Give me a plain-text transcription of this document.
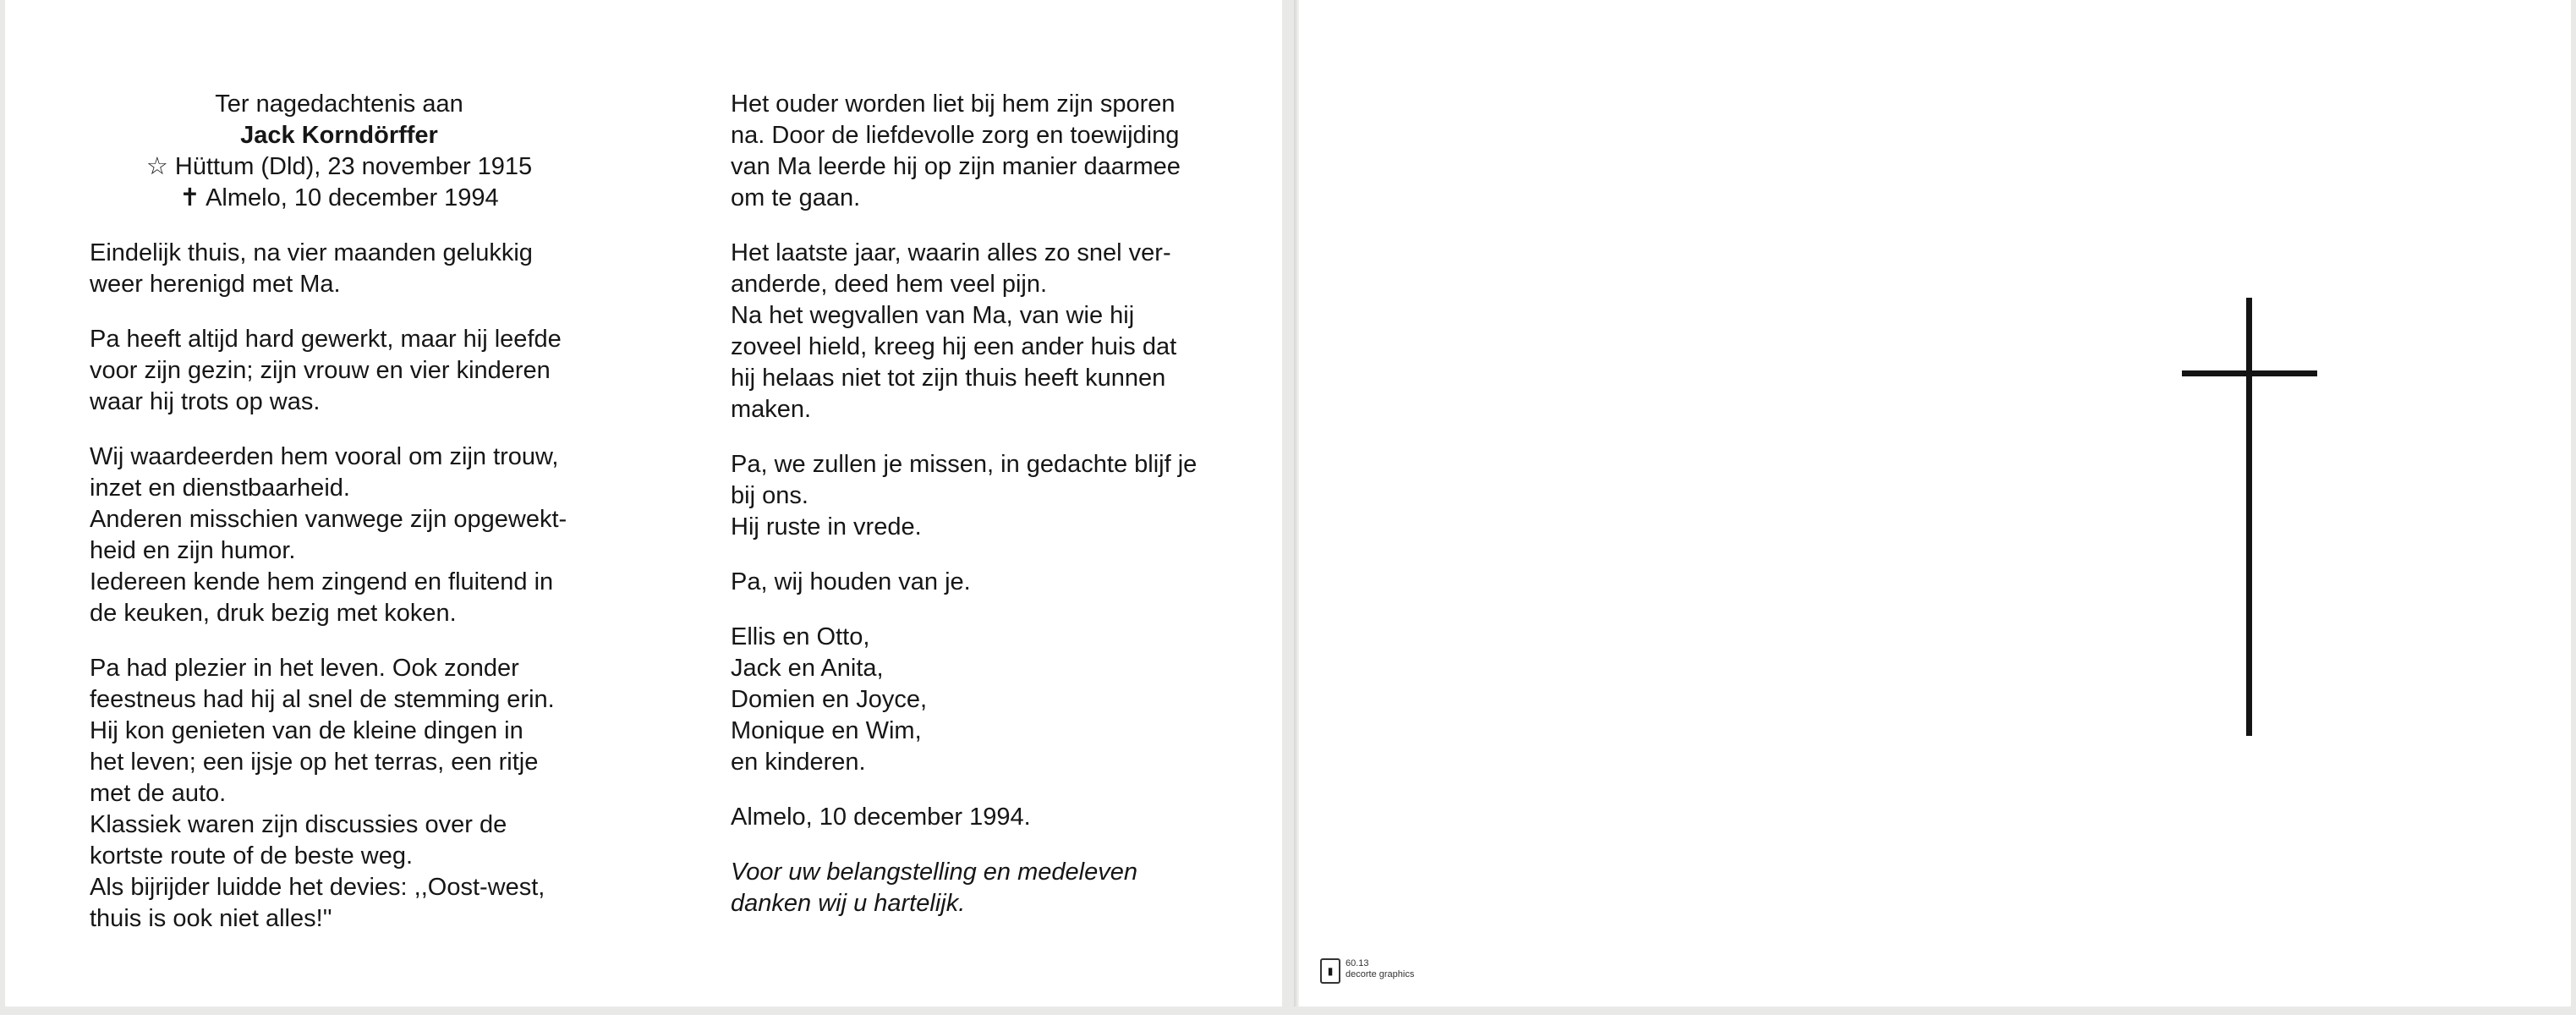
Ter nagedachtenis aan
Jack Korndörffer
☆ Hüttum (Dld), 23 november 1915
✝ Almelo, 10 december 1994

Eindelijk thuis, na vier maanden gelukkig
weer herenigd met Ma.

Pa heeft altijd hard gewerkt, maar hij leefde
voor zijn gezin; zijn vrouw en vier kinderen
waar hij trots op was.

Wij waardeerden hem vooral om zijn trouw,
inzet en dienstbaarheid.
Anderen misschien vanwege zijn opgewekt-
heid en zijn humor.
Iedereen kende hem zingend en fluitend in
de keuken, druk bezig met koken.

Pa had plezier in het leven. Ook zonder
feestneus had hij al snel de stemming erin.
Hij kon genieten van de kleine dingen in
het leven; een ijsje op het terras, een ritje
met de auto.
Klassiek waren zijn discussies over de
kortste route of de beste weg.
Als bijrijder luidde het devies: ,,Oost-west,
thuis is ook niet alles!''

Het ouder worden liet bij hem zijn sporen
na. Door de liefdevolle zorg en toewijding
van Ma leerde hij op zijn manier daarmee
om te gaan.

Het laatste jaar, waarin alles zo snel ver-
anderde, deed hem veel pijn.
Na het wegvallen van Ma, van wie hij
zoveel hield, kreeg hij een ander huis dat
hij helaas niet tot zijn thuis heeft kunnen
maken.

Pa, we zullen je missen, in gedachte blijf je
bij ons.
Hij ruste in vrede.

Pa, wij houden van je.

Ellis en Otto,
Jack en Anita,
Domien en Joyce,
Monique en Wim,
en kinderen.

Almelo, 10 december 1994.

Voor uw belangstelling en medeleven
danken wij u hartelijk.

▮
60.13
decorte graphics
